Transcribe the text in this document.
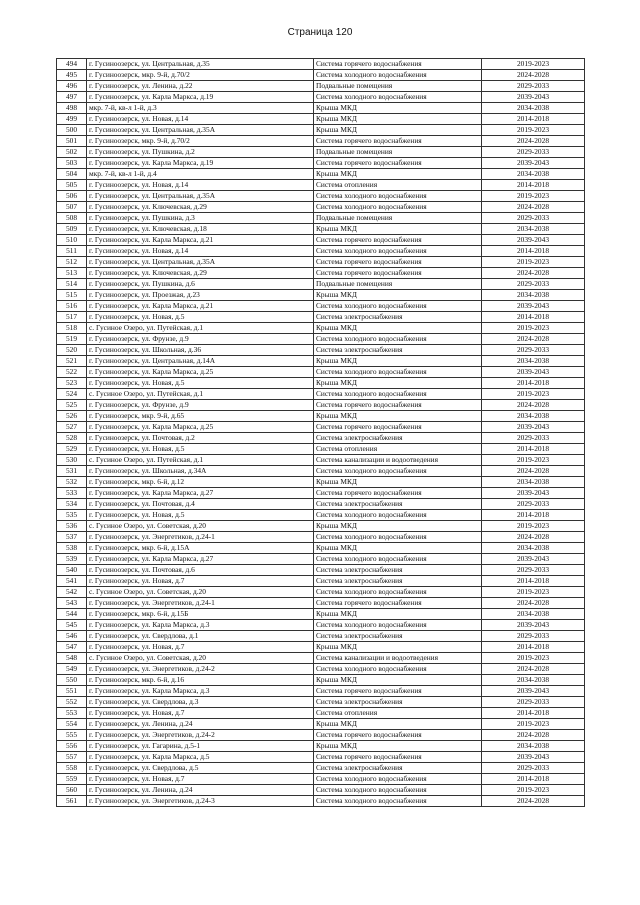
Страница 120
494	г. Гусиноозерск, ул. Центральная, д.35	Система горячего водоснабжения	2019-2023
495	г. Гусиноозерск, мкр. 9-й, д.70/2	Система холодного водоснабжения	2024-2028
496	г. Гусиноозерск, ул. Ленина, д.22	Подвальные помещения	2029-2033
497	г. Гусиноозерск, ул. Карла Маркса, д.19	Система холодного водоснабжения	2039-2043
498	мкр. 7-й, кв-л 1-й, д.3	Крыша МКД	2034-2038
499	г. Гусиноозерск, ул. Новая, д.14	Крыша МКД	2014-2018
500	г. Гусиноозерск, ул. Центральная, д.35А	Крыша МКД	2019-2023
501	г. Гусиноозерск, мкр. 9-й, д.70/2	Система горячего водоснабжения	2024-2028
502	г. Гусиноозерск, ул. Пушкина, д.2	Подвальные помещения	2029-2033
503	г. Гусиноозерск, ул. Карла Маркса, д.19	Система горячего водоснабжения	2039-2043
504	мкр. 7-й, кв-л 1-й, д.4	Крыша МКД	2034-2038
505	г. Гусиноозерск, ул. Новая, д.14	Система отопления	2014-2018
506	г. Гусиноозерск, ул. Центральная, д.35А	Система холодного водоснабжения	2019-2023
507	г. Гусиноозерск, ул. Ключевская, д.29	Система холодного водоснабжения	2024-2028
508	г. Гусиноозерск, ул. Пушкина, д.3	Подвальные помещения	2029-2033
509	г. Гусиноозерск, ул. Ключевская, д.18	Крыша МКД	2034-2038
510	г. Гусиноозерск, ул. Карла Маркса, д.21	Система горячего водоснабжения	2039-2043
511	г. Гусиноозерск, ул. Новая, д.14	Система холодного водоснабжения	2014-2018
512	г. Гусиноозерск, ул. Центральная, д.35А	Система горячего водоснабжения	2019-2023
513	г. Гусиноозерск, ул. Ключевская, д.29	Система горячего водоснабжения	2024-2028
514	г. Гусиноозерск, ул. Пушкина, д.6	Подвальные помещения	2029-2033
515	г. Гусиноозерск, ул. Проезжая, д.23	Крыша МКД	2034-2038
516	г. Гусиноозерск, ул. Карла Маркса, д.21	Система холодного водоснабжения	2039-2043
517	г. Гусиноозерск, ул. Новая, д.5	Система электроснабжения	2014-2018
518	с. Гусиное Озеро, ул. Путейская, д.1	Крыша МКД	2019-2023
519	г. Гусиноозерск, ул. Фрунзе, д.9	Система холодного водоснабжения	2024-2028
520	г. Гусиноозерск, ул. Школьная, д.36	Система электроснабжения	2029-2033
521	г. Гусиноозерск, ул. Центральная, д.14А	Крыша МКД	2034-2038
522	г. Гусиноозерск, ул. Карла Маркса, д.25	Система холодного водоснабжения	2039-2043
523	г. Гусиноозерск, ул. Новая, д.5	Крыша МКД	2014-2018
524	с. Гусиное Озеро, ул. Путейская, д.1	Система холодного водоснабжения	2019-2023
525	г. Гусиноозерск, ул. Фрунзе, д.9	Система горячего водоснабжения	2024-2028
526	г. Гусиноозерск, мкр. 9-й, д.65	Крыша МКД	2034-2038
527	г. Гусиноозерск, ул. Карла Маркса, д.25	Система горячего водоснабжения	2039-2043
528	г. Гусиноозерск, ул. Почтовая, д.2	Система электроснабжения	2029-2033
529	г. Гусиноозерск, ул. Новая, д.5	Система отопления	2014-2018
530	с. Гусиное Озеро, ул. Путейская, д.1	Система канализации и водоотведения	2019-2023
531	г. Гусиноозерск, ул. Школьная, д.34А	Система холодного водоснабжения	2024-2028
532	г. Гусиноозерск, мкр. 6-й, д.12	Крыша МКД	2034-2038
533	г. Гусиноозерск, ул. Карла Маркса, д.27	Система горячего водоснабжения	2039-2043
534	г. Гусиноозерск, ул. Почтовая, д.4	Система электроснабжения	2029-2033
535	г. Гусиноозерск, ул. Новая, д.5	Система холодного водоснабжения	2014-2018
536	с. Гусиное Озеро, ул. Советская, д.20	Крыша МКД	2019-2023
537	г. Гусиноозерск, ул. Энергетиков, д.24-1	Система холодного водоснабжения	2024-2028
538	г. Гусиноозерск, мкр. 6-й, д.15А	Крыша МКД	2034-2038
539	г. Гусиноозерск, ул. Карла Маркса, д.27	Система холодного водоснабжения	2039-2043
540	г. Гусиноозерск, ул. Почтовая, д.6	Система электроснабжения	2029-2033
541	г. Гусиноозерск, ул. Новая, д.7	Система электроснабжения	2014-2018
542	с. Гусиное Озеро, ул. Советская, д.20	Система холодного водоснабжения	2019-2023
543	г. Гусиноозерск, ул. Энергетиков, д.24-1	Система горячего водоснабжения	2024-2028
544	г. Гусиноозерск, мкр. 6-й, д.15Б	Крыша МКД	2034-2038
545	г. Гусиноозерск, ул. Карла Маркса, д.3	Система холодного водоснабжения	2039-2043
546	г. Гусиноозерск, ул. Свердлова, д.1	Система электроснабжения	2029-2033
547	г. Гусиноозерск, ул. Новая, д.7	Крыша МКД	2014-2018
548	с. Гусиное Озеро, ул. Советская, д.20	Система канализации и водоотведения	2019-2023
549	г. Гусиноозерск, ул. Энергетиков, д.24-2	Система холодного водоснабжения	2024-2028
550	г. Гусиноозерск, мкр. 6-й, д.16	Крыша МКД	2034-2038
551	г. Гусиноозерск, ул. Карла Маркса, д.3	Система горячего водоснабжения	2039-2043
552	г. Гусиноозерск, ул. Свердлова, д.3	Система электроснабжения	2029-2033
553	г. Гусиноозерск, ул. Новая, д.7	Система отопления	2014-2018
554	г. Гусиноозерск, ул. Ленина, д.24	Крыша МКД	2019-2023
555	г. Гусиноозерск, ул. Энергетиков, д.24-2	Система горячего водоснабжения	2024-2028
556	г. Гусиноозерск, ул. Гагарина, д.5-1	Крыша МКД	2034-2038
557	г. Гусиноозерск, ул. Карла Маркса, д.5	Система горячего водоснабжения	2039-2043
558	г. Гусиноозерск, ул. Свердлова, д.5	Система электроснабжения	2029-2033
559	г. Гусиноозерск, ул. Новая, д.7	Система холодного водоснабжения	2014-2018
560	г. Гусиноозерск, ул. Ленина, д.24	Система холодного водоснабжения	2019-2023
561	г. Гусиноозерск, ул. Энергетиков, д.24-3	Система холодного водоснабжения	2024-2028
